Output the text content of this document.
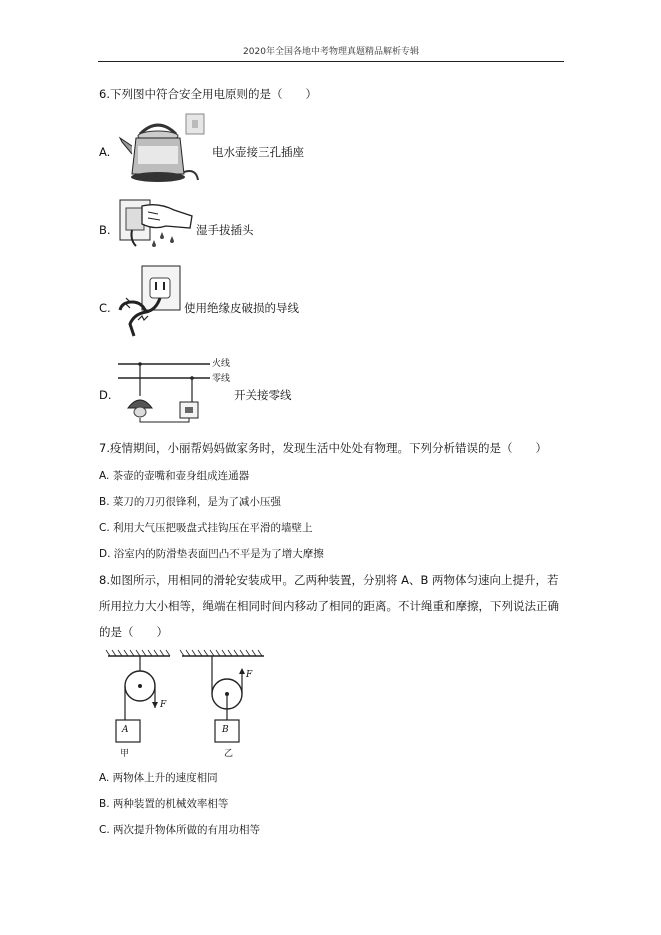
2020年全国各地中考物理真题精品解析专辑
6.下列图中符合安全用电原则的是（　　）
A.	电水壶接三孔插座
B.	湿手拔插头
C.	使用绝缘皮破损的导线
D.
火线
零线
开关接零线
7.疫情期间，小丽帮妈妈做家务时，发现生活中处处有物理。下列分析错误的是（　　）
A. 茶壶的壶嘴和壶身组成连通器
B. 菜刀的刀刃很锋利，是为了减小压强
C. 利用大气压把吸盘式挂钩压在平滑的墙壁上
D. 浴室内的防滑垫表面凹凸不平是为了增大摩擦
8.如图所示，用相同的滑轮安装成甲。乙两种装置，分别将 A、B 两物体匀速向上提升，若
所用拉力大小相等，绳端在相同时间内移动了相同的距离。不计绳重和摩擦，下列说法正确
的是（　　）
A	B
F
F
甲	乙
A. 两物体上升的速度相同
B. 两种装置的机械效率相等
C. 两次提升物体所做的有用功相等
